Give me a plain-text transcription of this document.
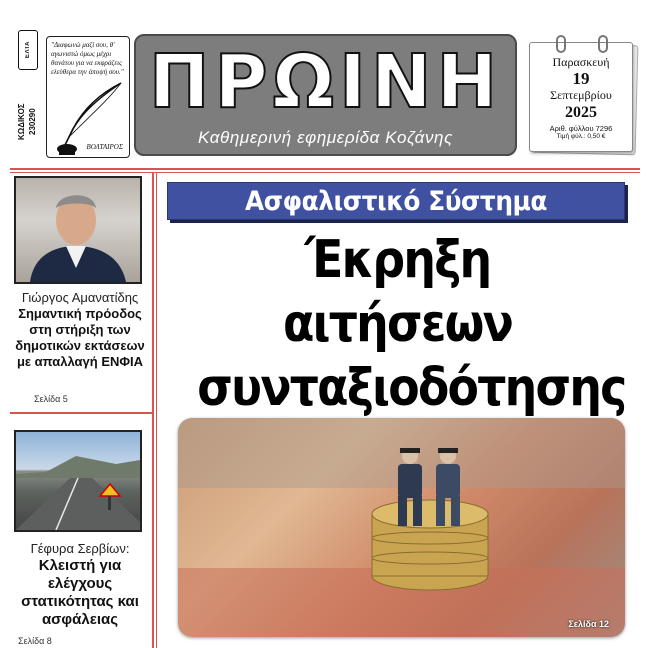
ΕΛΤΑ
ΚΩΔΙΚΟΣ 230290
"Διαφωνώ μαζί σου, θ' αγωνιστώ όμως μέχρι θανάτου για να εκφράζεις ελεύθερα την άποψή σου."
ΒΟΛΤΑΙΡΟΣ
ΠΡΩΙΝΗ
Καθημερινή εφημερίδα Κοζάνης
Παρασκευή
19
Σεπτεμβρίου
2025
Αριθ. φύλλου 7296
Τιμή φύλ.: 0,50 €
Γιώργος Αμανατίδης
Σημαντική πρόοδος στη στήριξη των δημοτικών εκτάσεων με απαλλαγή ΕΝΦΙΑ
Σελίδα 5
Γέφυρα Σερβίων:
Κλειστή για ελέγχους στατικότητας και ασφάλειας
Σελίδα 8
Ασφαλιστικό Σύστημα
Έκρηξη αιτήσεων συνταξιοδότησης
Σελίδα 12
